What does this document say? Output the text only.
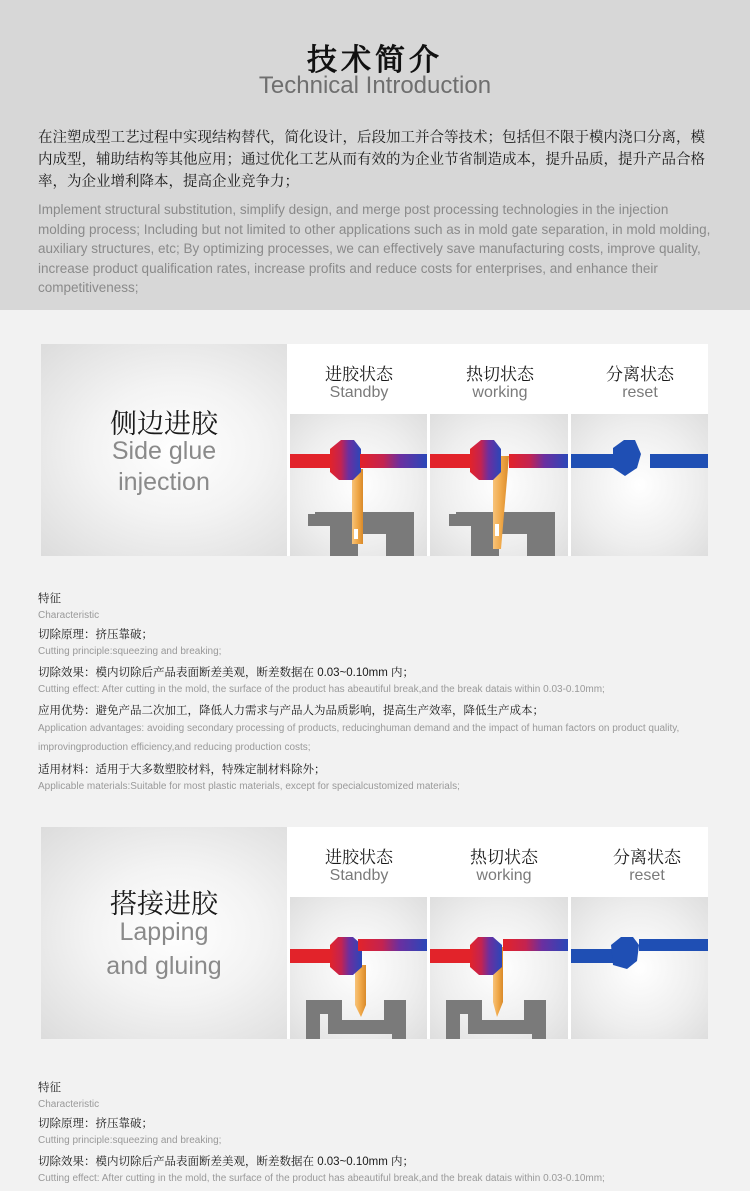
技术简介
Technical Introduction
在注塑成型工艺过程中实现结构替代，简化设计，后段加工并合等技术；包括但不限于模内浇口分离，模内成型，辅助结构等其他应用；通过优化工艺从而有效的为企业节省制造成本，提升品质，提升产品合格率，为企业增利降本，提高企业竞争力；
Implement structural substitution, simplify design, and merge post processing technologies in the injection molding process; Including but not limited to other applications such as in mold gate separation, in mold molding, auxiliary structures, etc; By optimizing processes, we can effectively save manufacturing costs, improve quality, increase product qualification rates, increase profits and reduce costs for enterprises, and enhance their competitiveness;
侧边进胶
Side glue
injection
进胶状态
Standby
热切状态
working
分离状态
reset
特征
Characteristic
切除原理：挤压靠破；
Cutting principle:squeezing and breaking;
切除效果：模内切除后产品表面断差美观，断差数据在 0.03~0.10mm 内；
Cutting effect: After cutting in the mold, the surface of the product has abeautiful break,and the break datais within 0.03-0.10mm;
应用优势：避免产品二次加工，降低人力需求与产品人为品质影响，提高生产效率，降低生产成本；
Application advantages: avoiding secondary processing of products, reducinghuman demand and the impact of human factors on product quality, improvingproduction efficiency,and reducing production costs;
适用材料：适用于大多数塑胶材料，特殊定制材料除外；
Applicable materials:Suitable for most plastic materials, except for specialcustomized materials;
搭接进胶
Lapping
and gluing
进胶状态
Standby
热切状态
working
分离状态
reset
特征
Characteristic
切除原理：挤压靠破；
Cutting principle:squeezing and breaking;
切除效果：模内切除后产品表面断差美观，断差数据在 0.03~0.10mm 内；
Cutting effect: After cutting in the mold, the surface of the product has abeautiful break,and the break datais within 0.03-0.10mm;
